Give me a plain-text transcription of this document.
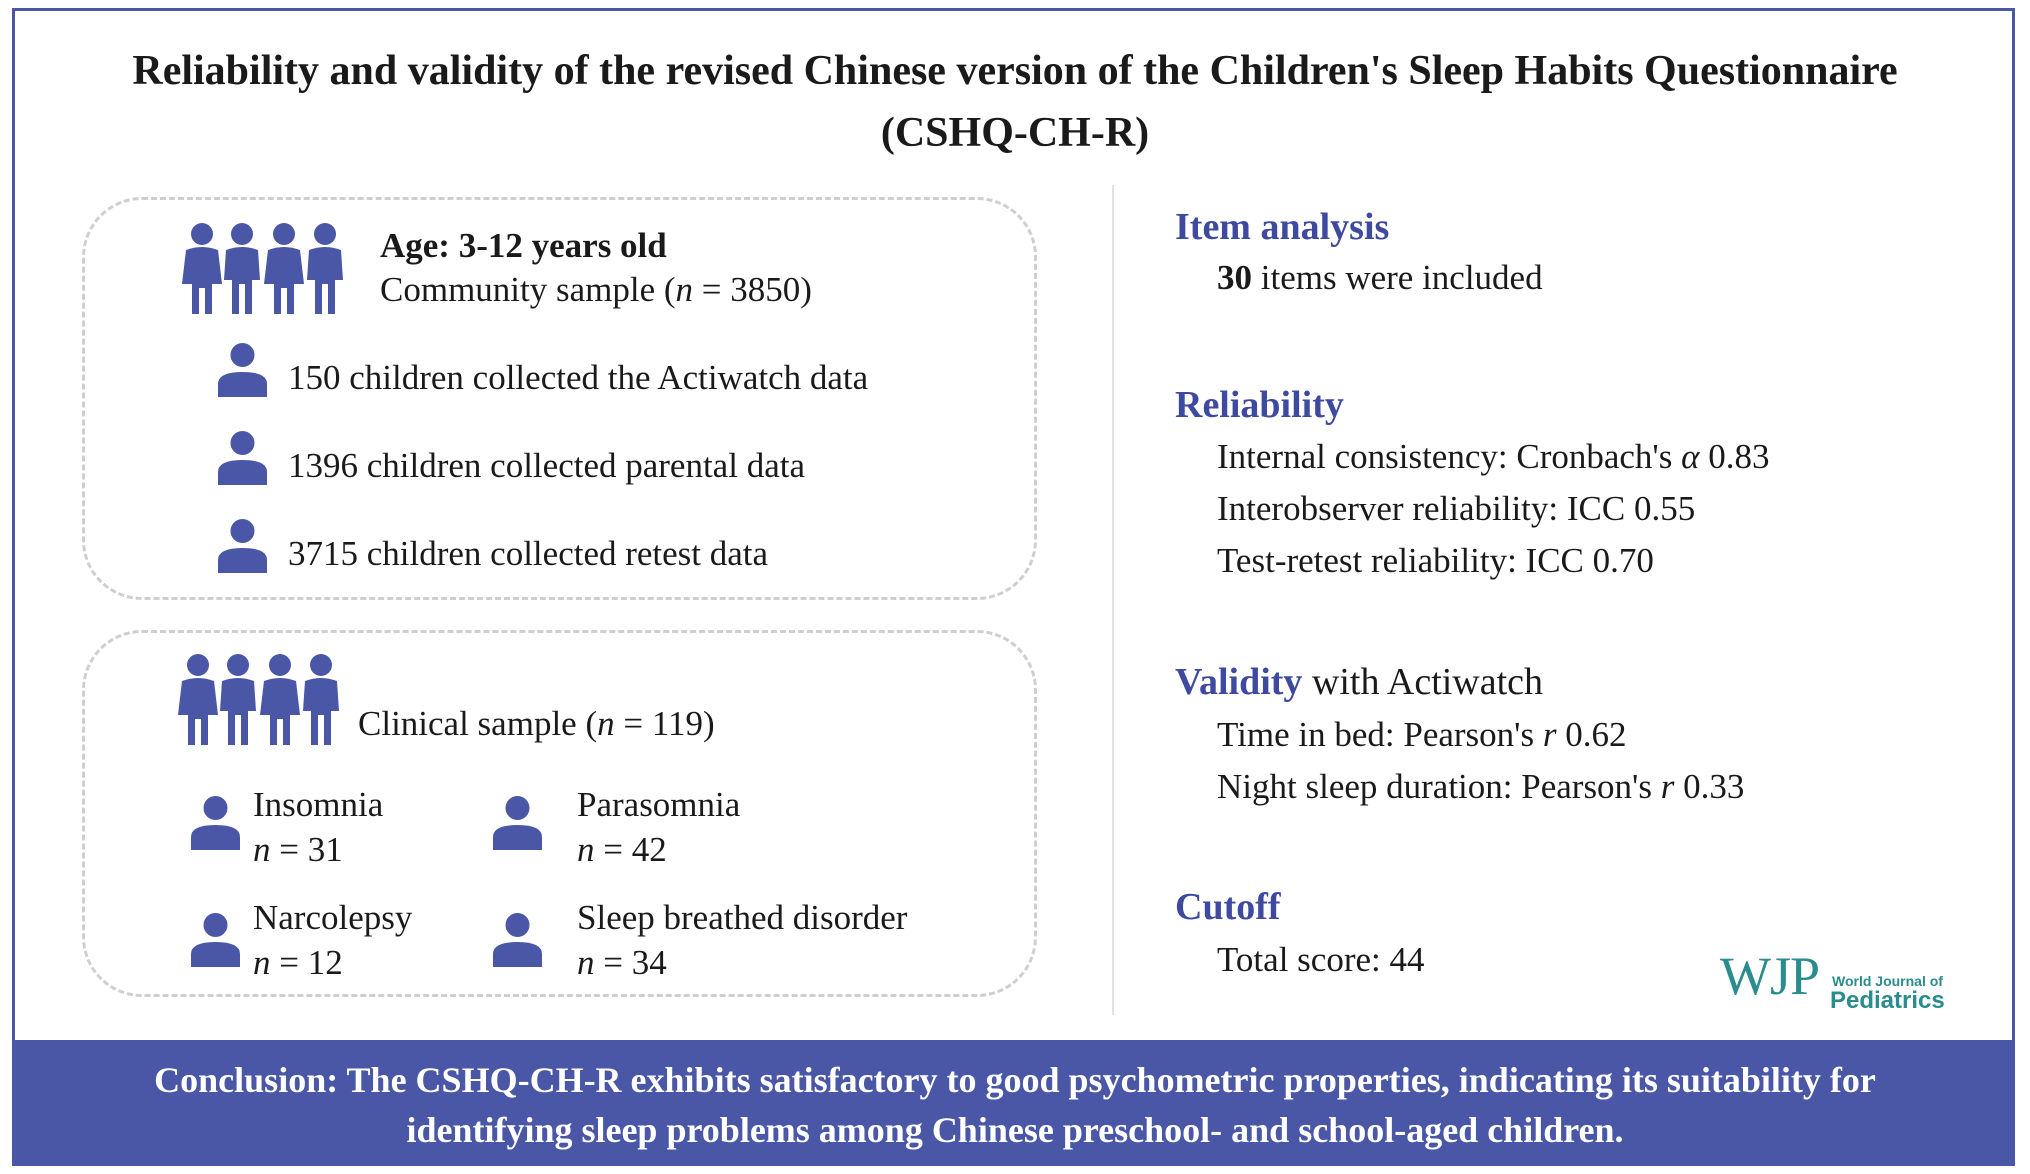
Reliability and validity of the revised Chinese version of the Children's Sleep Habits Questionnaire
(CSHQ-CH-R)
Age: 3-12 years old
Community sample (n = 3850)
150 children collected the Actiwatch data
1396 children collected parental data
3715 children collected retest data
Clinical sample (n = 119)
Insomnia
n = 31
Parasomnia
n = 42
Narcolepsy
n = 12
Sleep breathed disorder
n = 34
Item analysis
30 items were included
Reliability
Internal consistency: Cronbach's α 0.83
Interobserver reliability: ICC 0.55
Test-retest reliability: ICC 0.70
Validity with Actiwatch
Time in bed: Pearson's r 0.62
Night sleep duration: Pearson's r 0.33
Cutoff
Total score: 44	WJP World Journal of
Pediatrics
Conclusion: The CSHQ-CH-R exhibits satisfactory to good psychometric properties, indicating its suitability for
identifying sleep problems among Chinese preschool- and school-aged children.
